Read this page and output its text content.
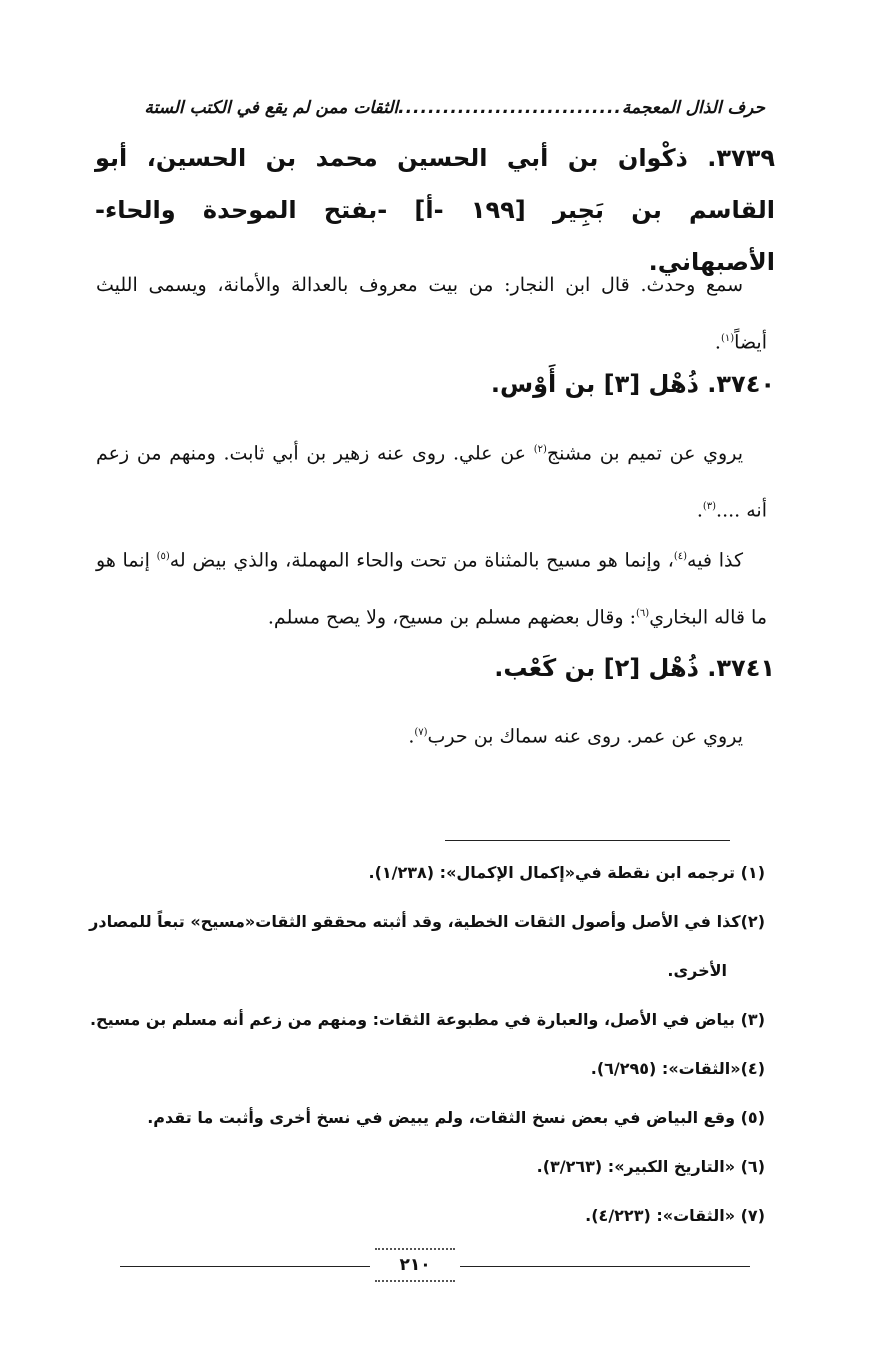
حرف الذال المعجمة
..............................
الثقات ممن لم يقع في الكتب الستة
٣٧٣٩. ذكْوان بن أبي الحسين محمد بن الحسين، أبو القاسم بن بَجِير [١٩٩ -أ] -بفتح الموحدة والحاء- الأصبهاني.
سمع وحدث. قال ابن النجار: من بيت معروف بالعدالة والأمانة، ويسمى الليث أيضاً$^{(١)}$.
٣٧٤٠. ذُهْل [٣] بن أَوْس.
يروي عن تميم بن مشنج$^{(٢)}$ عن علي. روى عنه زهير بن أبي ثابت. ومنهم من زعم أنه ....$^{(٣)}$.
كذا فيه$^{(٤)}$، وإنما هو مسيح بالمثناة من تحت والحاء المهملة، والذي بيض له$^{(٥)}$ إنما هو ما قاله البخاري$^{(٦)}$: وقال بعضهم مسلم بن مسيح، ولا يصح مسلم.
٣٧٤١. ذُهْل [٢] بن كَعْب.
يروي عن عمر. روى عنه سماك بن حرب$^{(٧)}$.
(١) ترجمه ابن نقطة في«إكمال الإكمال»: (١/٢٣٨).
(٢)كذا في الأصل وأصول الثقات الخطية، وقد أثبته محققو الثقات«مسيح» تبعاً للمصادر
الأخرى.
(٣) بياض في الأصل، والعبارة في مطبوعة الثقات: ومنهم من زعم أنه مسلم بن مسيح.
(٤)«الثقات»: (٦/٢٩٥).
(٥) وقع البياض في بعض نسخ الثقات، ولم يبيض في نسخ أخرى وأثبت ما تقدم.
(٦) «التاريخ الكبير»: (٣/٢٦٣).
(٧) «الثقات»: (٤/٢٢٣).
٢١٠
